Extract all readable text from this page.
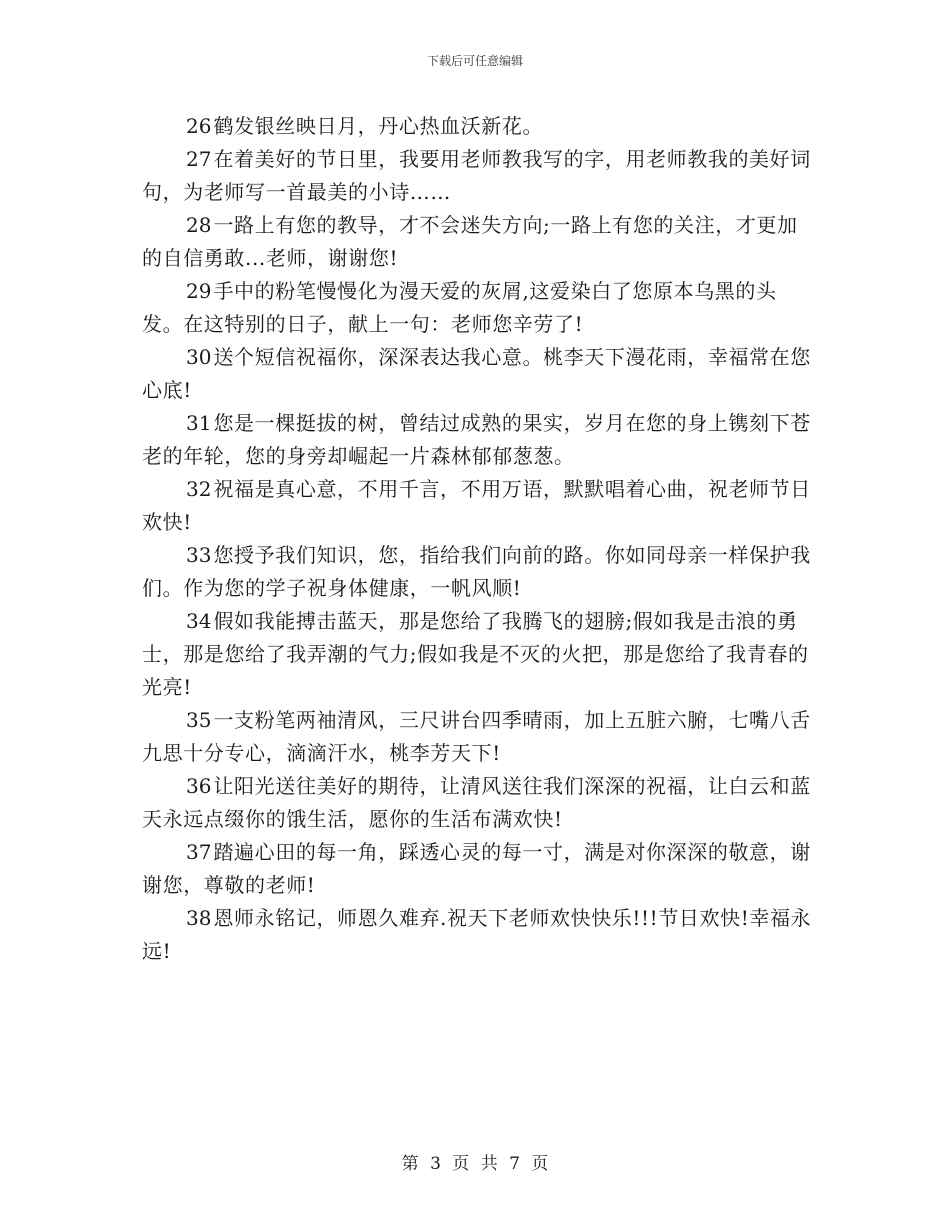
下载后可任意编辑

26 鹤发银丝映日月，丹心热血沃新花。

27 在着美好的节日里，我要用老师教我写的字，用老师教我的美好词句，为老师写一首最美的小诗……

28 一路上有您的教导，才不会迷失方向;一路上有您的关注，才更加的自信勇敢...老师，谢谢您!

29 手中的粉笔慢慢化为漫天爱的灰屑,这爱染白了您原本乌黑的头发。在这特别的日子，献上一句：老师您辛劳了!

30 送个短信祝福你，深深表达我心意。桃李天下漫花雨，幸福常在您心底!

31 您是一棵挺拔的树，曾结过成熟的果实，岁月在您的身上镌刻下苍老的年轮，您的身旁却崛起一片森林郁郁葱葱。

32 祝福是真心意，不用千言，不用万语，默默唱着心曲，祝老师节日欢快!

33 您授予我们知识，您，指给我们向前的路。你如同母亲一样保护我们。作为您的学子祝身体健康，一帆风顺!

34 假如我能搏击蓝天，那是您给了我腾飞的翅膀;假如我是击浪的勇士，那是您给了我弄潮的气力;假如我是不灭的火把，那是您给了我青春的光亮!

35 一支粉笔两袖清风，三尺讲台四季晴雨，加上五脏六腑，七嘴八舌九思十分专心，滴滴汗水，桃李芳天下!

36 让阳光送往美好的期待，让清风送往我们深深的祝福，让白云和蓝天永远点缀你的饿生活，愿你的生活布满欢快!

37 踏遍心田的每一角，踩透心灵的每一寸，满是对你深深的敬意，谢谢您，尊敬的老师!

38 恩师永铭记，师恩久难弃.祝天下老师欢快快乐!!!节日欢快!幸福永远!

第 3 页 共 7 页
